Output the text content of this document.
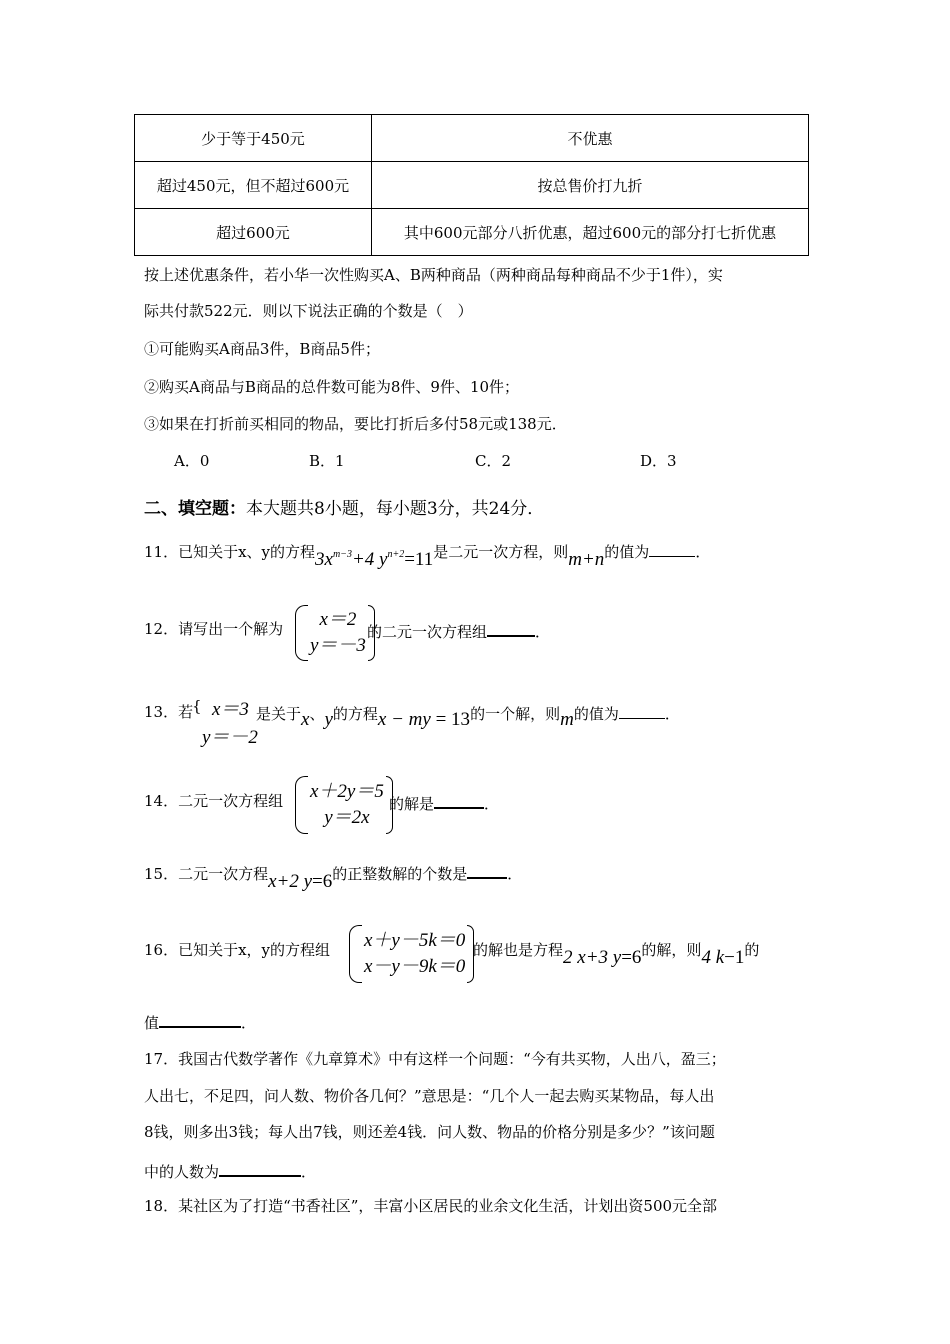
少于等于450元	不优惠
超过450元，但不超过600元	按总售价打九折
超过600元	其中600元部分八折优惠，超过600元的部分打七折优惠
按上述优惠条件，若小华一次性购买A、B两种商品（两种商品每种商品不少于1件），实
际共付款522元．则以下说法正确的个数是（　）
①可能购买A商品3件，B商品5件；
②购买A商品与B商品的总件数可能为8件、9件、10件；
③如果在打折前买相同的物品，要比打折后多付58元或138元．
A．0	B．1	C．2	D．3
二、填空题：本大题共8小题，每小题3分，共24分．
11．已知关于x、y的方程$3x^{m-3}+4$ $y^{n+2}=11$是二元一次方程，则m+n的值为	．
12．请写出一个解为	x＝2
y＝－3
的二元一次方程组	．
13．若
{ x＝3
y＝－2
是关于x、y的方程x − my = 13的一个解，则m的值为	．
14．二元一次方程组 x＋2y＝5
y＝2x
的解是	．
15．二元一次方程x+2 y=6的正整数解的个数是	．
16．已知关于x，y的方程组 x＋y－5k＝0
x－y－9k＝0
的解也是方程2 x+3 y=6的解，则4 k−1的
值	．
17．我国古代数学著作《九章算术》中有这样一个问题：“今有共买物，人出八，盈三；
人出七，不足四，问人数、物价各几何？”意思是：“几个人一起去购买某物品，每人出
8钱，则多出3钱；每人出7钱，则还差4钱．问人数、物品的价格分别是多少？”该问题
中的人数为	．
18．某社区为了打造“书香社区”，丰富小区居民的业余文化生活，计划出资500元全部
